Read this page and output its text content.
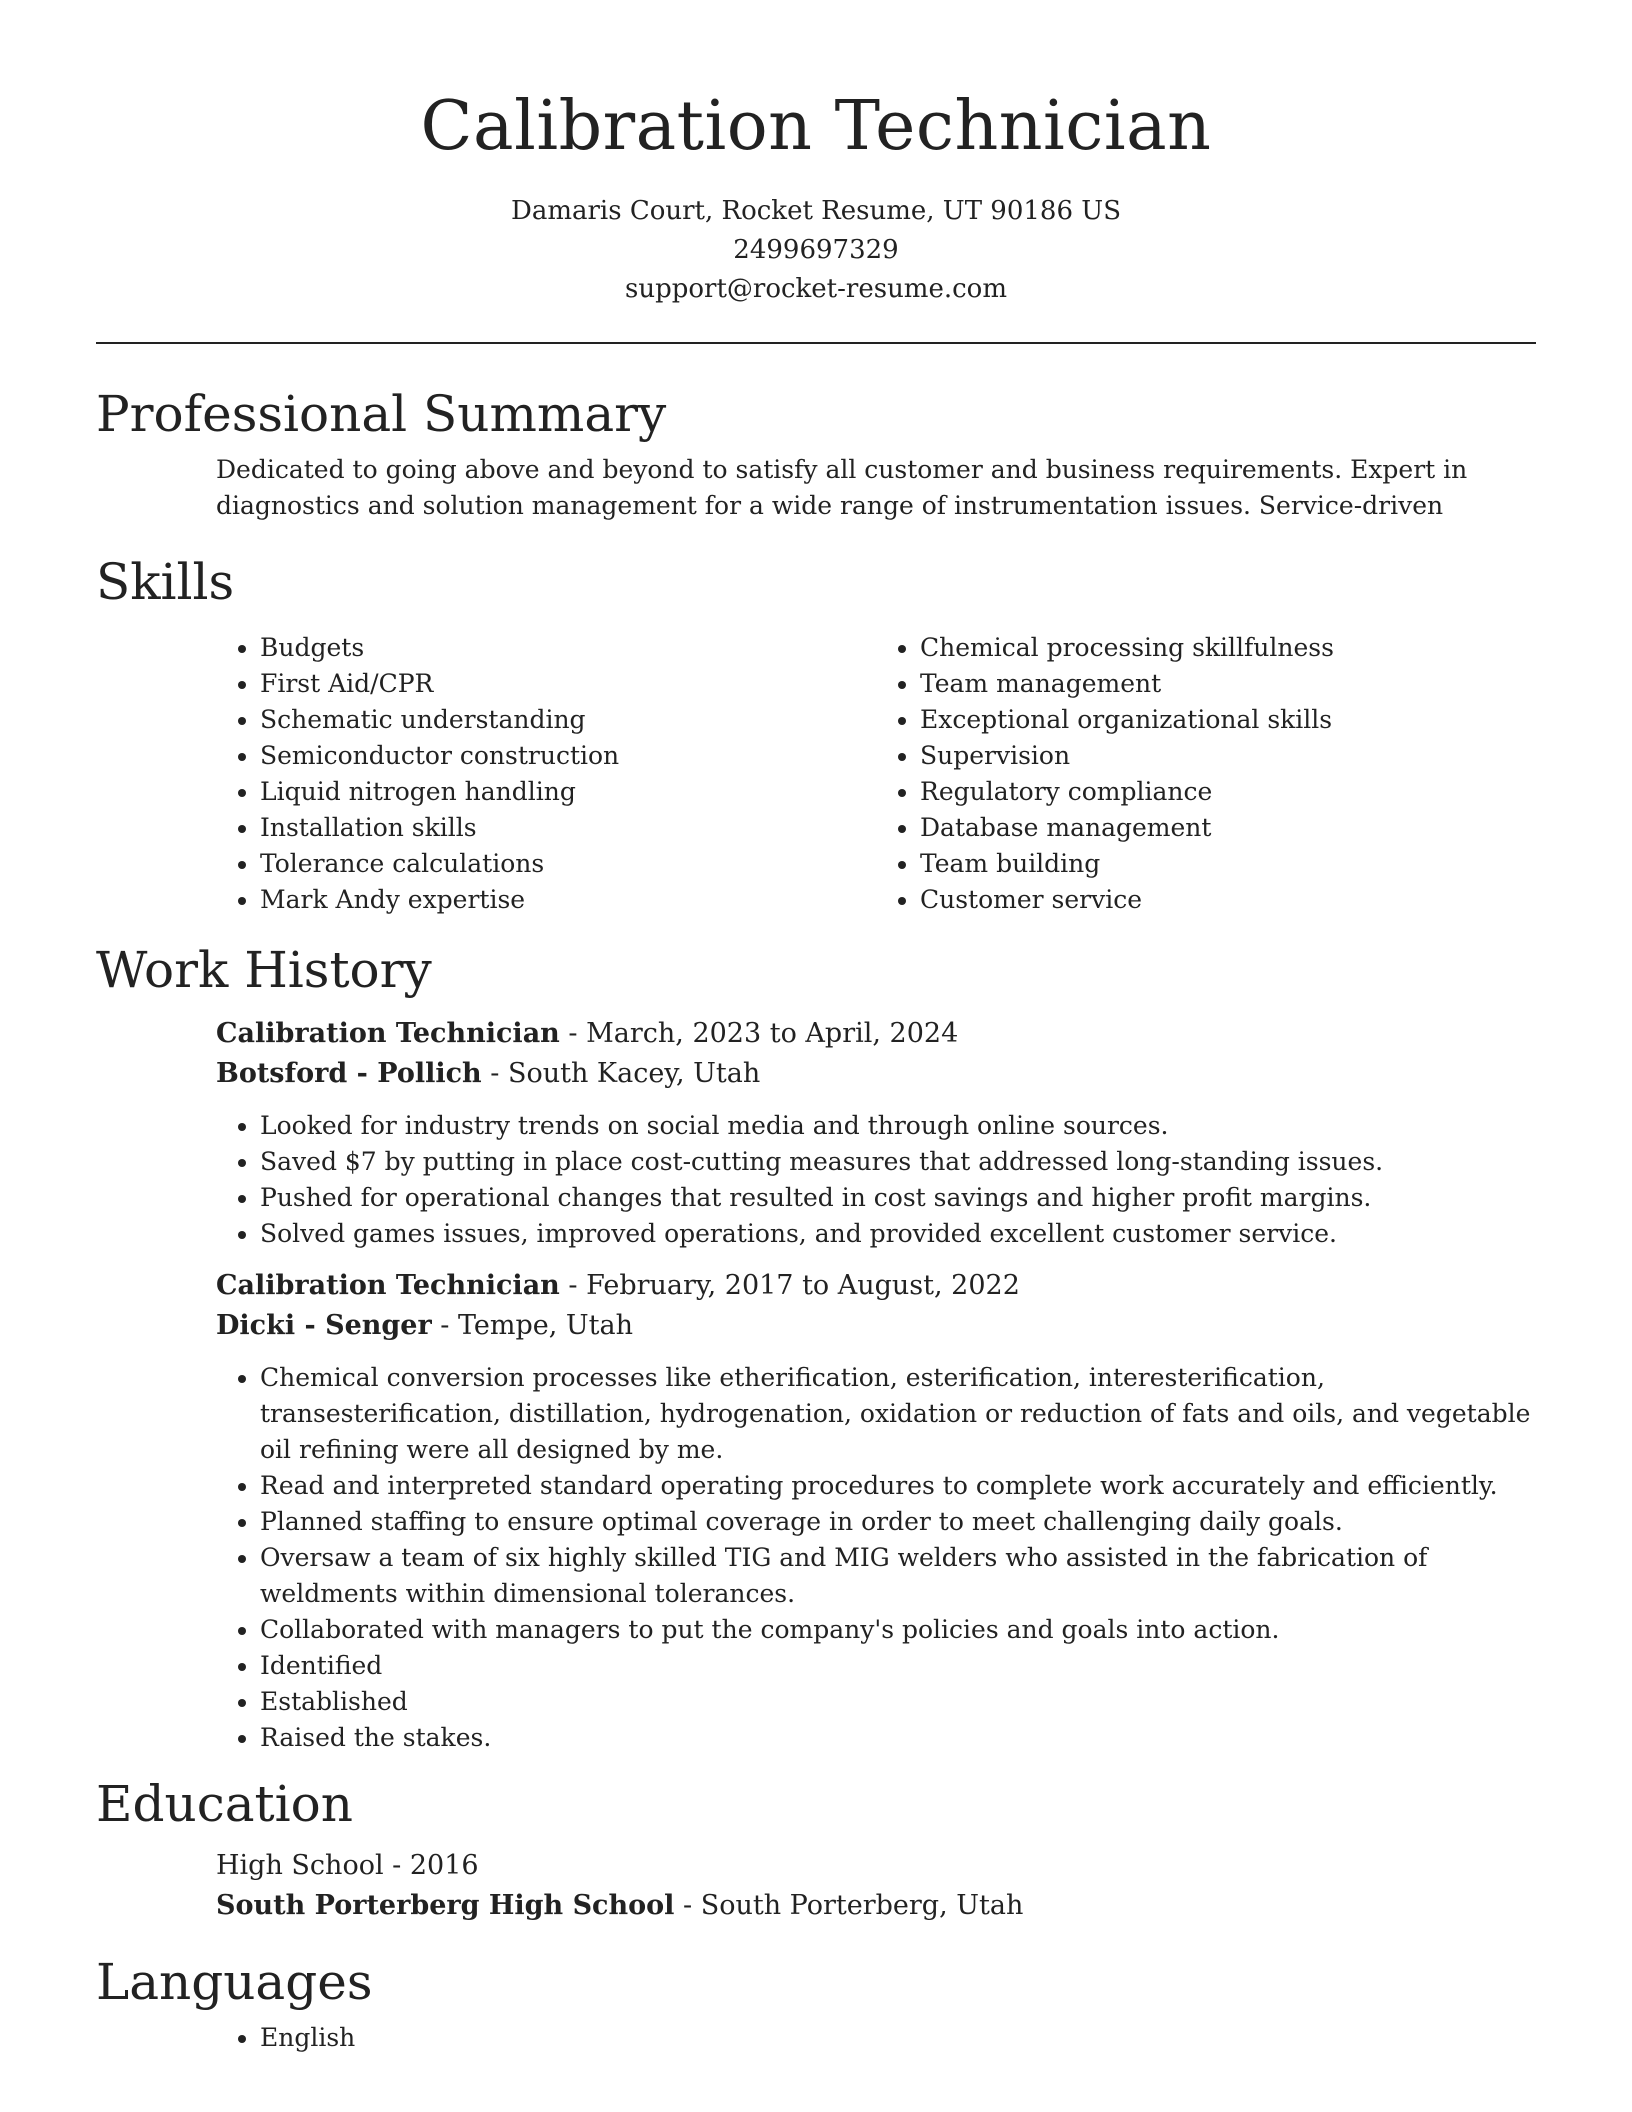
Calibration Technician
Damaris Court, Rocket Resume, UT 90186 US
2499697329
support@rocket-resume.com
Professional Summary
Dedicated to going above and beyond to satisfy all customer and business requirements. Expert in diagnostics and solution management for a wide range of instrumentation issues. Service-driven
Skills
• Budgets
• First Aid/CPR
• Schematic understanding
• Semiconductor construction
• Liquid nitrogen handling
• Installation skills
• Tolerance calculations
• Mark Andy expertise
• Chemical processing skillfulness
• Team management
• Exceptional organizational skills
• Supervision
• Regulatory compliance
• Database management
• Team building
• Customer service
Work History
Calibration Technician - March, 2023 to April, 2024
Botsford - Pollich - South Kacey, Utah
• Looked for industry trends on social media and through online sources.
• Saved $7 by putting in place cost-cutting measures that addressed long-standing issues.
• Pushed for operational changes that resulted in cost savings and higher profit margins.
• Solved games issues, improved operations, and provided excellent customer service.
Calibration Technician - February, 2017 to August, 2022
Dicki - Senger - Tempe, Utah
• Chemical conversion processes like etherification, esterification, interesterification, transesterification, distillation, hydrogenation, oxidation or reduction of fats and oils, and vegetable oil refining were all designed by me.
• Read and interpreted standard operating procedures to complete work accurately and efficiently.
• Planned staffing to ensure optimal coverage in order to meet challenging daily goals.
• Oversaw a team of six highly skilled TIG and MIG welders who assisted in the fabrication of weldments within dimensional tolerances.
• Collaborated with managers to put the company's policies and goals into action.
• Identified
• Established
• Raised the stakes.
Education
High School - 2016
South Porterberg High School - South Porterberg, Utah
Languages
• English
